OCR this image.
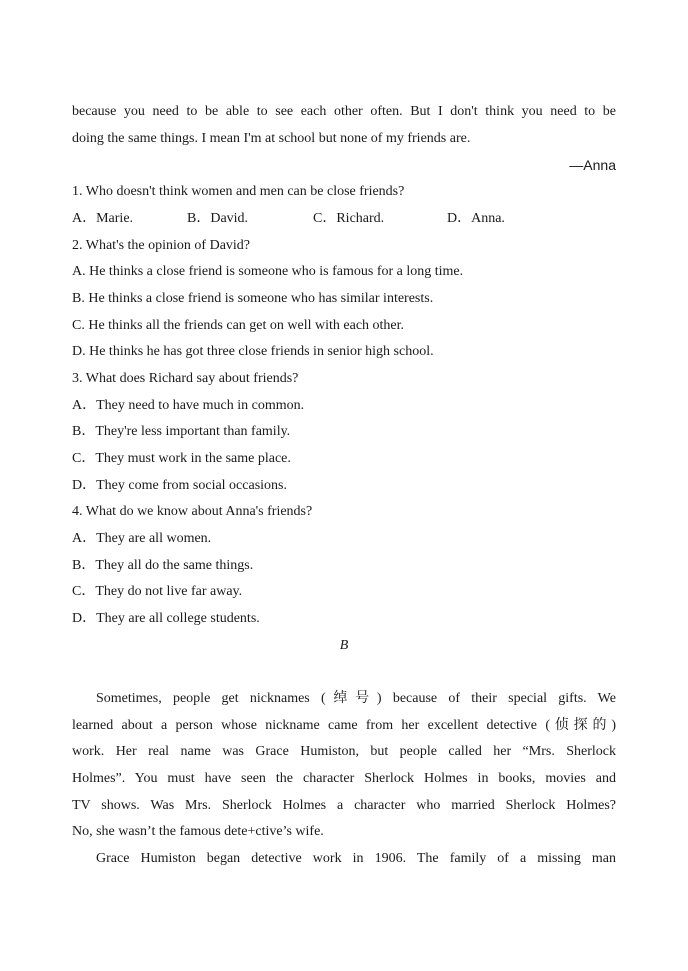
because you need to be able to see each other often. But I don't think you need to be
doing the same things. I mean I'm at school but none of my friends are.
—Anna
1. Who doesn't think women and men can be close friends?
A．Marie.	B．David.	C．Richard.	D．Anna.
2. What's the opinion of David?
A. He thinks a close friend is someone who is famous for a long time.
B. He thinks a close friend is someone who has similar interests.
C. He thinks all the friends can get on well with each other.
D. He thinks he has got three close friends in senior high school.
3. What does Richard say about friends?
A．They need to have much in common.
B．They're less important than family.
C．They must work in the same place.
D．They come from social occasions.
4. What do we know about Anna's friends?
A．They are all women.
B．They all do the same things.
C．They do not live far away.
D．They are all college students.
B
Sometimes, people get nicknames (绰号) because of their special gifts. We
learned about a person whose nickname came from her excellent detective (侦探的)
work. Her real name was Grace Humiston, but people called her “Mrs. Sherlock
Holmes”. You must have seen the character Sherlock Holmes in books, movies and
TV shows. Was Mrs. Sherlock Holmes a character who married Sherlock Holmes?
No, she wasn’t the famous dete+ctive’s wife.
Grace Humiston began detective work in 1906. The family of a missing man
